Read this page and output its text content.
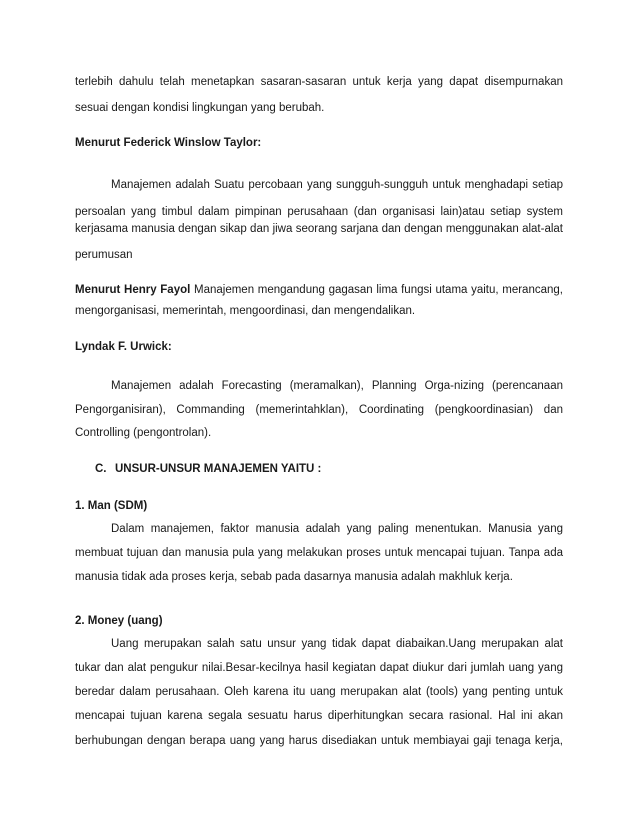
terlebih dahulu telah menetapkan sasaran-sasaran untuk kerja yang dapat disempurnakan
sesuai dengan kondisi lingkungan yang berubah.
Menurut Federick Winslow Taylor:
Manajemen adalah Suatu percobaan yang sungguh-sungguh untuk menghadapi setiap
persoalan yang timbul dalam pimpinan perusahaan (dan organisasi lain)atau setiap system
kerjasama manusia dengan sikap dan jiwa seorang sarjana dan dengan menggunakan alat-alat
perumusan
Menurut Henry Fayol Manajemen mengandung gagasan lima fungsi utama yaitu, merancang,
mengorganisasi, memerintah, mengoordinasi, dan mengendalikan.
Lyndak F. Urwick:
Manajemen adalah Forecasting (meramalkan), Planning Orga-nizing (perencanaan
Pengorganisiran), Commanding (memerintahklan), Coordinating (pengkoordinasian) dan
Controlling (pengontrolan).
C. UNSUR-UNSUR MANAJEMEN YAITU :
1. Man (SDM)
Dalam manajemen, faktor manusia adalah yang paling menentukan. Manusia yang
membuat tujuan dan manusia pula yang melakukan proses untuk mencapai tujuan. Tanpa ada
manusia tidak ada proses kerja, sebab pada dasarnya manusia adalah makhluk kerja.
2. Money (uang)
Uang merupakan salah satu unsur yang tidak dapat diabaikan.Uang merupakan alat
tukar dan alat pengukur nilai.Besar-kecilnya hasil kegiatan dapat diukur dari jumlah uang yang
beredar dalam perusahaan. Oleh karena itu uang merupakan alat (tools) yang penting untuk
mencapai tujuan karena segala sesuatu harus diperhitungkan secara rasional. Hal ini akan
berhubungan dengan berapa uang yang harus disediakan untuk membiayai gaji tenaga kerja,
